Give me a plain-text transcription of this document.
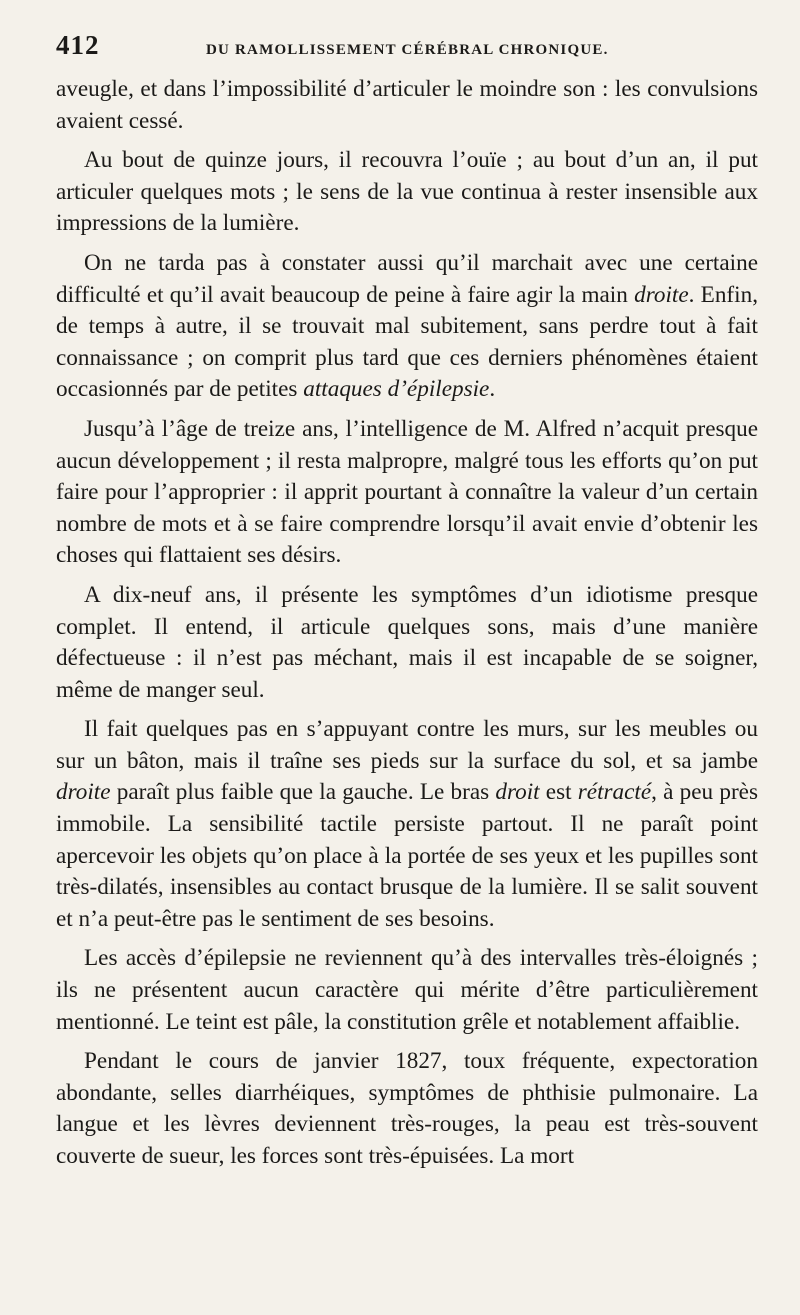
412	DU RAMOLLISSEMENT CÉRÉBRAL CHRONIQUE.

aveugle, et dans l’impossibilité d’articuler le moindre son : les convulsions avaient cessé.

Au bout de quinze jours, il recouvra l’ouïe ; au bout d’un an, il put articuler quelques mots ; le sens de la vue continua à rester insensible aux impressions de la lumière.

On ne tarda pas à constater aussi qu’il marchait avec une certaine difficulté et qu’il avait beaucoup de peine à faire agir la main droite. Enfin, de temps à autre, il se trouvait mal subitement, sans perdre tout à fait connaissance ; on comprit plus tard que ces derniers phénomènes étaient occasionnés par de petites attaques d’épilepsie.

Jusqu’à l’âge de treize ans, l’intelligence de M. Alfred n’acquit presque aucun développement ; il resta malpropre, malgré tous les efforts qu’on put faire pour l’approprier : il apprit pourtant à connaître la valeur d’un certain nombre de mots et à se faire comprendre lorsqu’il avait envie d’obtenir les choses qui flattaient ses désirs.

A dix-neuf ans, il présente les symptômes d’un idiotisme presque complet. Il entend, il articule quelques sons, mais d’une manière défectueuse : il n’est pas méchant, mais il est incapable de se soigner, même de manger seul.

Il fait quelques pas en s’appuyant contre les murs, sur les meubles ou sur un bâton, mais il traîne ses pieds sur la surface du sol, et sa jambe droite paraît plus faible que la gauche. Le bras droit est rétracté, à peu près immobile. La sensibilité tactile persiste partout. Il ne paraît point apercevoir les objets qu’on place à la portée de ses yeux et les pupilles sont très-dilatés, insensibles au contact brusque de la lumière. Il se salit souvent et n’a peut-être pas le sentiment de ses besoins.

Les accès d’épilepsie ne reviennent qu’à des intervalles très-éloignés ; ils ne présentent aucun caractère qui mérite d’être particulièrement mentionné. Le teint est pâle, la constitution grêle et notablement affaiblie.

Pendant le cours de janvier 1827, toux fréquente, expectoration abondante, selles diarrhéiques, symptômes de phthisie pulmonaire. La langue et les lèvres deviennent très-rouges, la peau est très-souvent couverte de sueur, les forces sont très-épuisées. La mort
